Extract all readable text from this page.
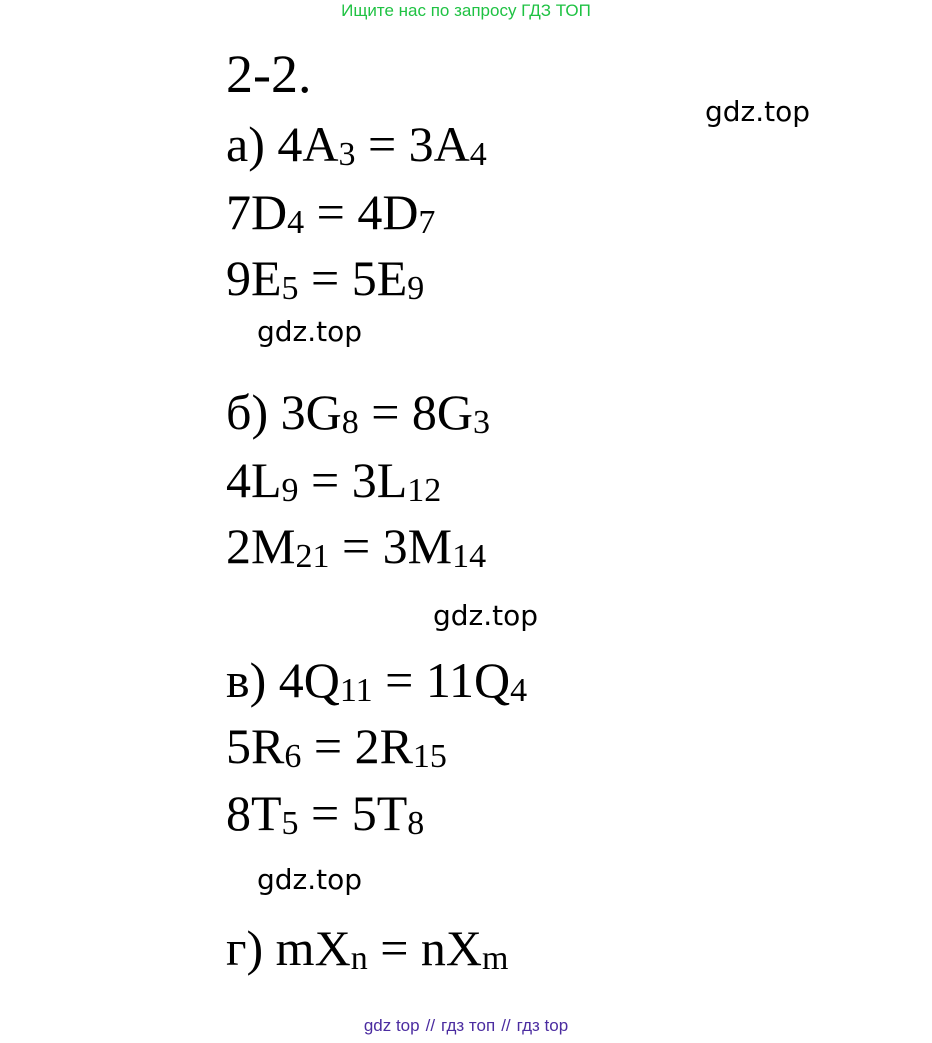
Ищите нас по запросу ГДЗ ТОП
2-2.
gdz.top
gdz.top
gdz.top
gdz.top
а) 4A3 = 3A4
7D4 = 4D7
9E5 = 5E9
б) 3G8 = 8G3
4L9 = 3L12
2M21 = 3M14
в) 4Q11 = 11Q4
5R6 = 2R15
8T5 = 5T8
г) mXn = nXm
gdz top // гдз топ // гдз top
